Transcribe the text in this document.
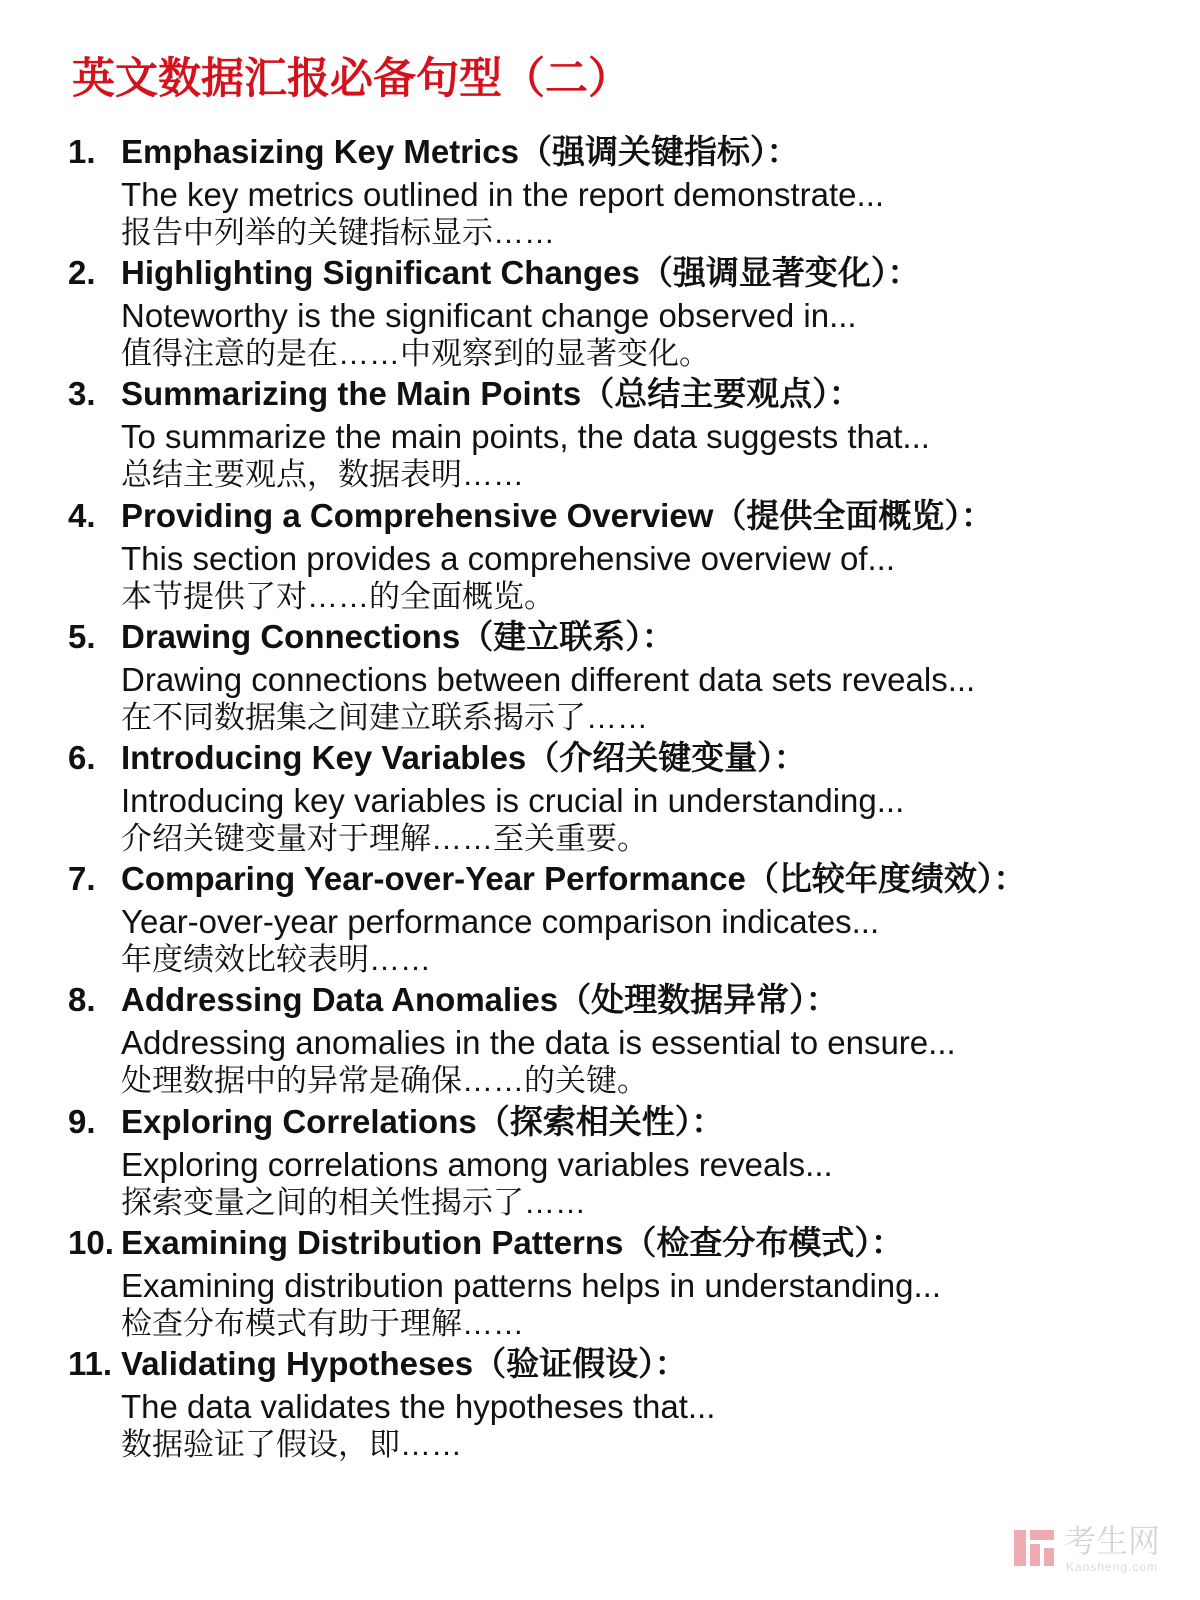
英文数据汇报必备句型（二）
1. Emphasizing Key Metrics（强调关键指标）：
The key metrics outlined in the report demonstrate...
报告中列举的关键指标显示……
2. Highlighting Significant Changes（强调显著变化）：
Noteworthy is the significant change observed in...
值得注意的是在……中观察到的显著变化。
3. Summarizing the Main Points（总结主要观点）：
To summarize the main points, the data suggests that...
总结主要观点，数据表明……
4. Providing a Comprehensive Overview（提供全面概览）：
This section provides a comprehensive overview of...
本节提供了对……的全面概览。
5. Drawing Connections（建立联系）：
Drawing connections between different data sets reveals...
在不同数据集之间建立联系揭示了……
6. Introducing Key Variables（介绍关键变量）：
Introducing key variables is crucial in understanding...
介绍关键变量对于理解……至关重要。
7. Comparing Year-over-Year Performance（比较年度绩效）：
Year-over-year performance comparison indicates...
年度绩效比较表明……
8. Addressing Data Anomalies（处理数据异常）：
Addressing anomalies in the data is essential to ensure...
处理数据中的异常是确保……的关键。
9. Exploring Correlations（探索相关性）：
Exploring correlations among variables reveals...
探索变量之间的相关性揭示了……
10. Examining Distribution Patterns（检查分布模式）：
Examining distribution patterns helps in understanding...
检查分布模式有助于理解……
11. Validating Hypotheses（验证假设）：
The data validates the hypotheses that...
数据验证了假设，即……
考生网
Kaosheng.com
